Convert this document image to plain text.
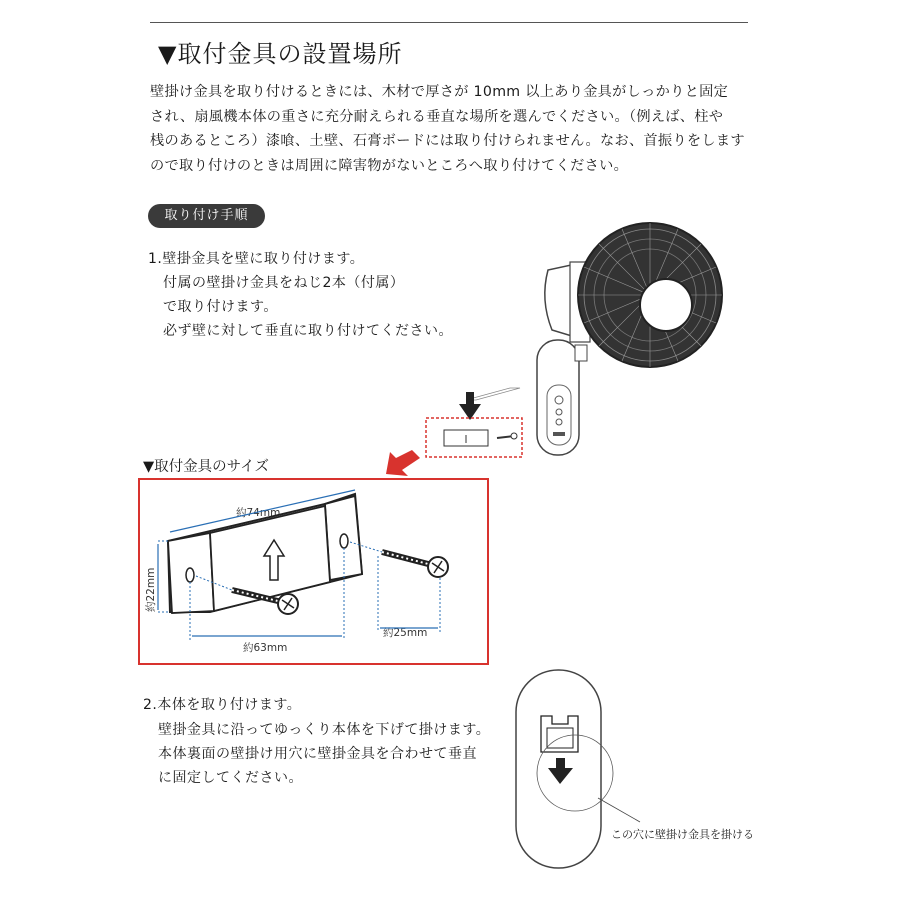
▼取付金具の設置場所
壁掛け金具を取り付けるときには、木材で厚さが 10mm 以上あり金具がしっかりと固定
され、扇風機本体の重さに充分耐えられる垂直な場所を選んでください。（例えば、柱や
桟のあるところ）漆喰、土壁、石膏ボードには取り付けられません。なお、首振りをします
ので取り付けのときは周囲に障害物がないところへ取り付けてください。
取り付け手順
1.壁掛金具を壁に取り付けます。
付属の壁掛け金具をねじ2本（付属）
で取り付けます。
必ず壁に対して垂直に取り付けてください。
▼取付金具のサイズ
約74mm
約22mm
約63mm
約25mm
2.本体を取り付けます。
壁掛金具に沿ってゆっくり本体を下げて掛けます。
本体裏面の壁掛け用穴に壁掛金具を合わせて垂直
に固定してください。
この穴に壁掛け金具を掛ける
